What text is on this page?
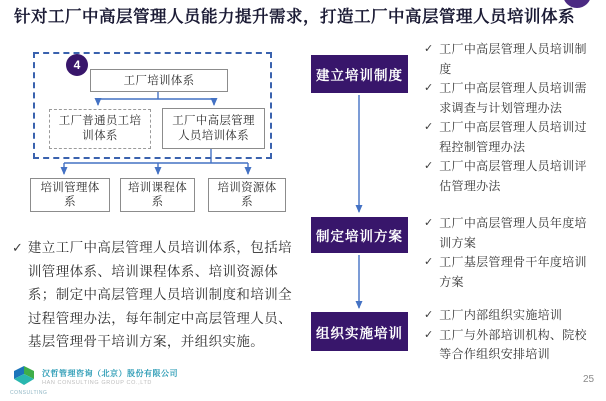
针对工厂中高层管理人员能力提升需求，打造工厂中高层管理人员培训体系
4
工厂培训体系
工厂普通员工培训体系
工厂中高层管理人员培训体系
培训管理体系
培训课程体系
培训资源体系
✓ 建立工厂中高层管理人员培训体系，包括培训管理体系、培训课程体系、培训资源体系；制定中高层管理人员培训制度和培训全过程管理办法，每年制定中高层管理人员、基层管理骨干培训方案，并组织实施。
建立培训制度
制定培训方案
组织实施培训
✓ 工厂中高层管理人员培训制度
✓ 工厂中高层管理人员培训需求调查与计划管理办法
✓ 工厂中高层管理人员培训过程控制管理办法
✓ 工厂中高层管理人员培训评估管理办法
✓ 工厂中高层管理人员年度培训方案
✓ 工厂基层管理骨干年度培训方案
✓ 工厂内部组织实施培训
✓ 工厂与外部培训机构、院校等合作组织安排培训
CONSULTING
汉哲管理咨询（北京）股份有限公司
HAN CONSULTING GROUP CO.,LTD	25
